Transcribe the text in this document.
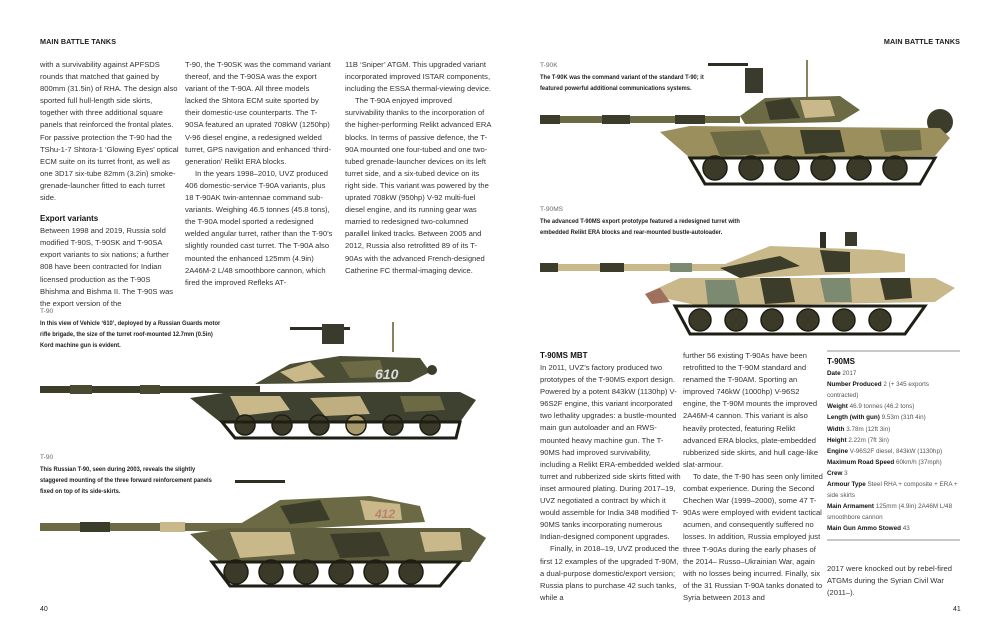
MAIN BATTLE TANKS

with a survivability against APFSDS rounds that matched that gained by 800mm (31.5in) of RHA. The design also sported full hull-length side skirts, together with three additional square panels that reinforced the frontal plates. For passive protection the T-90 had the TShu-1-7 Shtora-1 ‘Glowing Eyes’ optical ECM suite on its turret front, as well as one 3D17 six-tube 82mm (3.2in) smoke-grenade-launcher fitted to each turret side.

Export variants

Between 1998 and 2019, Russia sold modified T-90S, T-90SK and T-90SA export variants to six nations; a further 808 have been contracted for Indian licensed production as the T-90S Bhishma and Bishma II. The T-90S was the export version of the

T-90, the T-90SK was the command variant thereof, and the T-90SA was the export variant of the T-90A. All three models lacked the Shtora ECM suite sported by their domestic-use counterparts. The T-90SA featured an uprated 708kW (1250hp) V-96 diesel engine, a redesigned welded turret, GPS navigation and enhanced ‘third-generation’ Relikt ERA blocks.

In the years 1998–2010, UVZ produced 406 domestic-service T-90A variants, plus 18 T-90AK twin-antennae command sub-variants. Weighing 46.5 tonnes (45.8 tons), the T-90A model sported a redesigned welded angular turret, rather than the T-90’s slightly rounded cast turret. The T-90A also mounted the enhanced 125mm (4.9in) 2A46M-2 L/48 smoothbore cannon, which fired the improved Refleks AT-

11B ‘Sniper’ ATGM. This upgraded variant incorporated improved ISTAR components, including the ESSA thermal-viewing device.

The T-90A enjoyed improved survivability thanks to the incorporation of the higher-performing Relikt advanced ERA blocks. In terms of passive defence, the T-90A mounted one four-tubed and one two-tubed grenade-launcher devices on its left turret side, and a six-tubed device on its right side. This variant was powered by the uprated 708kW (950hp) V-92 multi-fuel diesel engine, and its running gear was married to redesigned two-columned parallel linked tracks. Between 2005 and 2012, Russia also retrofitted 89 of its T-90As with the advanced French-designed Catherine FC thermal-imaging device.

T-90
In this view of Vehicle ‘610’, deployed by a Russian Guards motor rifle brigade, the size of the turret roof-mounted 12.7mm (0.5in) Kord machine gun is evident.
610
T-90
This Russian T-90, seen during 2003, reveals the slightly staggered mounting of the three forward reinforcement panels fixed on top of its side-skirts.
412
40
MAIN BATTLE TANKS
T-90K
The T-90K was the command variant of the standard T-90; it featured powerful additional communications systems.
T-90MS
The advanced T-90MS export prototype featured a redesigned turret with embedded Relikt ERA blocks and rear-mounted bustle-autoloader.
T-90MS MBT

In 2011, UVZ’s factory produced two prototypes of the T-90MS export design. Powered by a potent 843kW (1130hp) V-96S2F engine, this variant incorporated two lethality upgrades: a bustle-mounted main gun autoloader and an RWS-mounted heavy machine gun. The T-90MS had improved survivability, including a Relikt ERA-embedded welded turret and rubberized side skirts fitted with inset armoured plating. During 2017–19, UVZ negotiated a contract by which it would assemble for India 348 modified T-90MS tanks incorporating numerous Indian-designed component upgrades.

Finally, in 2018–19, UVZ produced the first 12 examples of the upgraded T-90M, a dual-purpose domestic/export version; Russia plans to purchase 42 such tanks, while a

further 56 existing T-90As have been retrofitted to the T-90M standard and renamed the T-90AM. Sporting an improved 746kW (1000hp) V-96S2 engine, the T-90M mounts the improved 2A46M-4 cannon. This variant is also heavily protected, featuring Relikt advanced ERA blocks, plate-embedded rubberized side skirts, and hull cage-like slat-armour.

To date, the T-90 has seen only limited combat experience. During the Second Chechen War (1999–2000), some 47 T-90As were employed with evident tactical acumen, and consequently suffered no losses. In addition, Russia employed just three T-90As during the early phases of the 2014– Russo–Ukrainian War, again with no losses being incurred. Finally, six of the 31 Russian T-90A tanks donated to Syria between 2013 and

T-90MS
Date 2017
Number Produced 2 (+ 345 exports contracted)
Weight 46.9 tonnes (46.2 tons)
Length (with gun) 9.53m (31ft 4in)
Width 3.78m (12ft 3in)
Height 2.22m (7ft 3in)
Engine V-96S2F diesel, 843kW (1130hp)
Maximum Road Speed 60km/h (37mph)
Crew 3
Armour Type Steel RHA + composite + ERA + side skirts
Main Armament 125mm (4.9in) 2A46M L/48 smoothbore cannon
Main Gun Ammo Stowed 43

2017 were knocked out by rebel-fired ATGMs during the Syrian Civil War (2011–).

41
